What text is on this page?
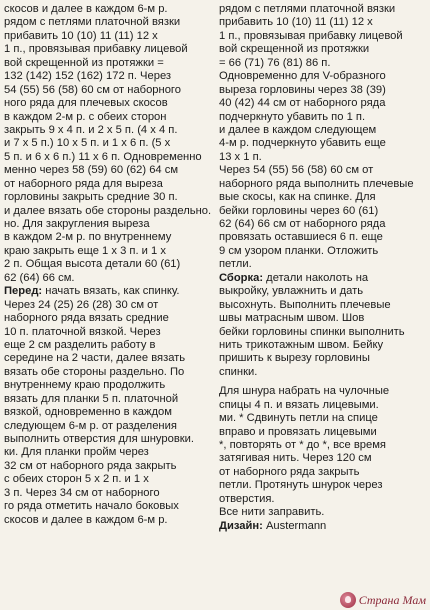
скосов и далее в каждом 6-м р.
рядом с петлями платочной вязки
прибавить 10 (10) 11 (11) 12 х
1 п., провязывая прибавку лицевой
вой скрещенной из протяжки =
132 (142) 152 (162) 172 п. Через
54 (55) 56 (58) 60 см от наборного
ного ряда для плечевых скосов
в каждом 2-м р. с обеих сторон
закрыть 9 х 4 п. и 2 х 5 п. (4 х 4 п.
и 7 х 5 п.) 10 х 5 п. и 1 х 6 п. (5 х
5 п. и 6 х 6 п.) 11 х 6 п. Одновременно
менно через 58 (59) 60 (62) 64 см
от наборного ряда для выреза
горловины закрыть средние 30 п.
и далее вязать обе стороны раздельно.
но. Для закругления выреза
в каждом 2-м р. по внутреннему
краю закрыть еще 1 х 3 п. и 1 х
2 п. Общая высота детали 60 (61)
62 (64) 66 см.
Перед: начать вязать, как спинку.
Через 24 (25) 26 (28) 30 см от
наборного ряда вязать средние
10 п. платочной вязкой. Через
еще 2 см разделить работу в
середине на 2 части, далее вязать
вязать обе стороны раздельно. По
внутреннему краю продолжить
вязать для планки 5 п. платочной
вязкой, одновременно в каждом
следующем 6-м р. от разделения
выполнить отверстия для шнуровки.
ки. Для планки пройм через
32 см от наборного ряда закрыть
с обеих сторон 5 х 2 п. и 1 х
3 п. Через 34 см от наборного
го ряда отметить начало боковых
скосов и далее в каждом 6-м р.
рядом с петлями платочной вязки
прибавить 10 (10) 11 (11) 12 х
1 п., провязывая прибавку лицевой
вой скрещенной из протяжки
= 66 (71) 76 (81) 86 п.
Одновременно для V-образного
выреза горловины через 38 (39)
40 (42) 44 см от наборного ряда
подчеркнуто убавить по 1 п.
и далее в каждом следующем
4-м р. подчеркнуто убавить еще
13 х 1 п.
Через 54 (55) 56 (58) 60 см от
наборного ряда выполнить плечевые
вые скосы, как на спинке. Для
бейки горловины через 60 (61)
62 (64) 66 см от наборного ряда
провязать оставшиеся 6 п. еще
9 см узором планки. Отложить
петли.
Сборка: детали наколоть на
выкройку, увлажнить и дать
высохнуть. Выполнить плечевые
швы матрасным швом. Шов
бейки горловины спинки выполнить
нить трикотажным швом. Бейку
пришить к вырезу горловины
спинки.
Для шнура набрать на чулочные
спицы 4 п. и вязать лицевыми.
ми. * Сдвинуть петли на спице
вправо и провязать лицевыми
*, повторять от * до *, все время
затягивая нить. Через 120 см
от наборного ряда закрыть
петли. Протянуть шнурок через
отверстия.
Все нити заправить.
Дизайн: Austermann
Страна Мам
